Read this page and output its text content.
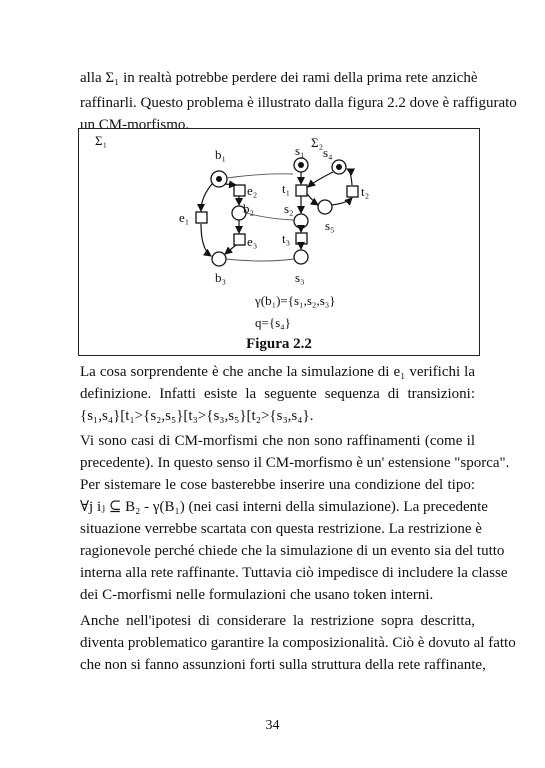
alla Σ₁ in realtà potrebbe perdere dei rami della prima rete anzichè
raffinarli. Questo problema è illustrato dalla figura 2.2 dove è raffigurato
un CM-morfismo.
Σ₁	Σ₂
b₁
e₂
b₂
e₁
e₃
b₃
s₁ s₄
t₁	t₂
s₂
s₅
t₃
s₃
γ(b₁)={s₁,s₂,s₃}
q={s₄}
Figura 2.2
La cosa sorprendente è che anche la simulazione di e₁ verifichi la
definizione. Infatti esiste la seguente sequenza di transizioni:
{s₁,s₄}[t₁>{s₂,s₅}[t₃>{s₃,s₅}[t₂>{s₃,s₄}.
Vi sono casi di CM-morfismi che non sono raffinamenti (come il
precedente). In questo senso il CM-morfismo è un' estensione "sporca".
Per sistemare le cose basterebbe inserire una condizione del tipo:
∀j iⱼ ⊆ B₂ - γ(B₁) (nei casi interni della simulazione). La precedente
situazione verrebbe scartata con questa restrizione. La restrizione è
ragionevole perché chiede che la simulazione di un evento sia del tutto
interna alla rete raffinante. Tuttavia ciò impedisce di includere la classe
dei C-morfismi nelle formulazioni che usano token interni.
Anche nell'ipotesi di considerare la restrizione sopra descritta,
diventa problematico garantire la composizionalità. Ciò è dovuto al fatto
che non si fanno assunzioni forti sulla struttura della rete raffinante,
34
